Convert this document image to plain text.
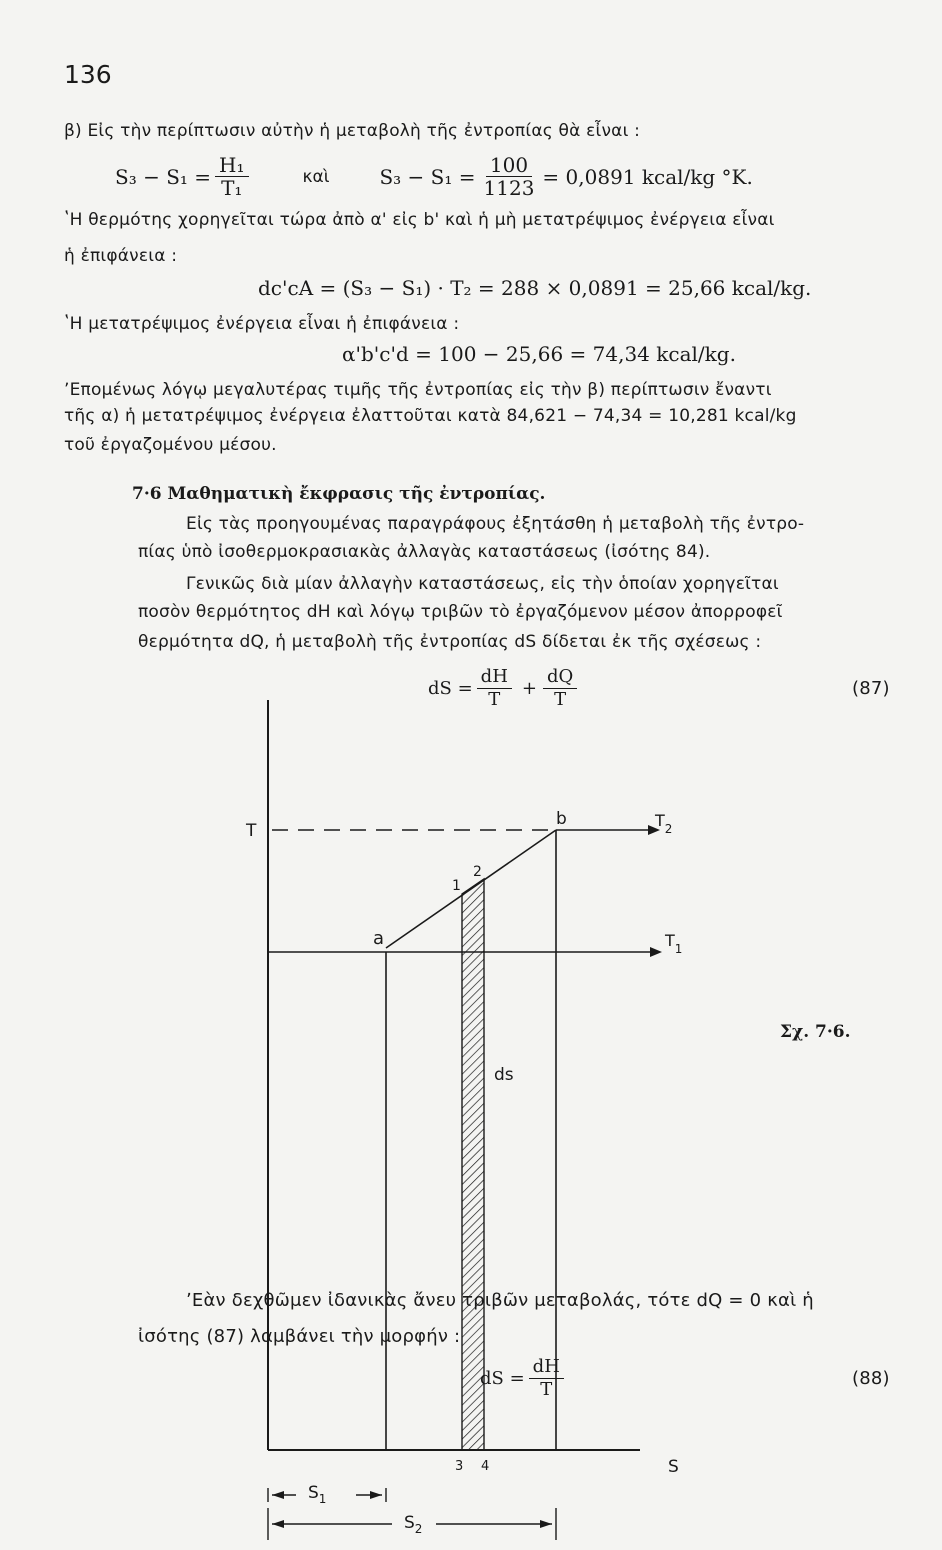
136
β) Εἰς τὴν περίπτωσιν αὐτὴν ἡ μεταβολὴ τῆς ἐντροπίας θὰ εἶναι :
$S_3 - S_1 = \frac{\text{H₁}}{\text{T₁}}$	καὶ	$S_3 - S_1 = \frac{100}{1123} = 0,0891$ kcal/kg °K.
ʽΗ θερμότης χορηγεῖται τώρα ἀπὸ α' εἰς b' καὶ ἡ μὴ μετατρέψιμος ἐνέργεια εἶναι
ἡ ἐπιφάνεια :
dc'cA = (S₃ − S₁) · T₂ = 288 × 0,0891 = 25,66 kcal/kg.
ʽΗ μετατρέψιμος ἐνέργεια εἶναι ἡ ἐπιφάνεια :
α'b'c'd = 100 − 25,66 = 74,34 kcal/kg.
ʼΕπομένως λόγῳ μεγαλυτέρας τιμῆς τῆς ἐντροπίας εἰς τὴν β) περίπτωσιν ἔναντι
τῆς α) ἡ μετατρέψιμος ἐνέργεια ἐλαττοῦται κατὰ 84,621 − 74,34 = 10,281 kcal/kg
τοῦ ἐργαζομένου μέσου.
7·6 Μαθηματικὴ ἔκφρασις τῆς ἐντροπίας.
Εἰς τὰς προηγουμένας παραγράφους ἐξητάσθη ἡ μεταβολὴ τῆς ἐντρο-
πίας ὑπὸ ἰσοθερμοκρασιακὰς ἀλλαγὰς καταστάσεως (ἰσότης 84).
Γενικῶς διὰ μίαν ἀλλαγὴν καταστάσεως, εἰς τὴν ὁποίαν χορηγεῖται
ποσὸν θερμότητος dH καὶ λόγῳ τριβῶν τὸ ἐργαζόμενον μέσον ἀπορροφεῖ
θερμότητα dQ, ἡ μεταβολὴ τῆς ἐντροπίας dS δίδεται ἐκ τῆς σχέσεως :
dS = $\frac{dH}{T} + \frac{dQ}{T}$	(87)
T
b	$T_2$
1
2
a	$T_1$
ds
3 4	S
$S_1$
$S_2$
Σχ. 7·6.
ʼΕὰν δεχθῶμεν ἰδανικὰς ἄνευ τριβῶν μεταβολάς, τότε dQ = 0 καὶ ἡ
ἰσότης (87) λαμβάνει τὴν μορφήν :
dS = $\frac{dH}{T}$	(88)
